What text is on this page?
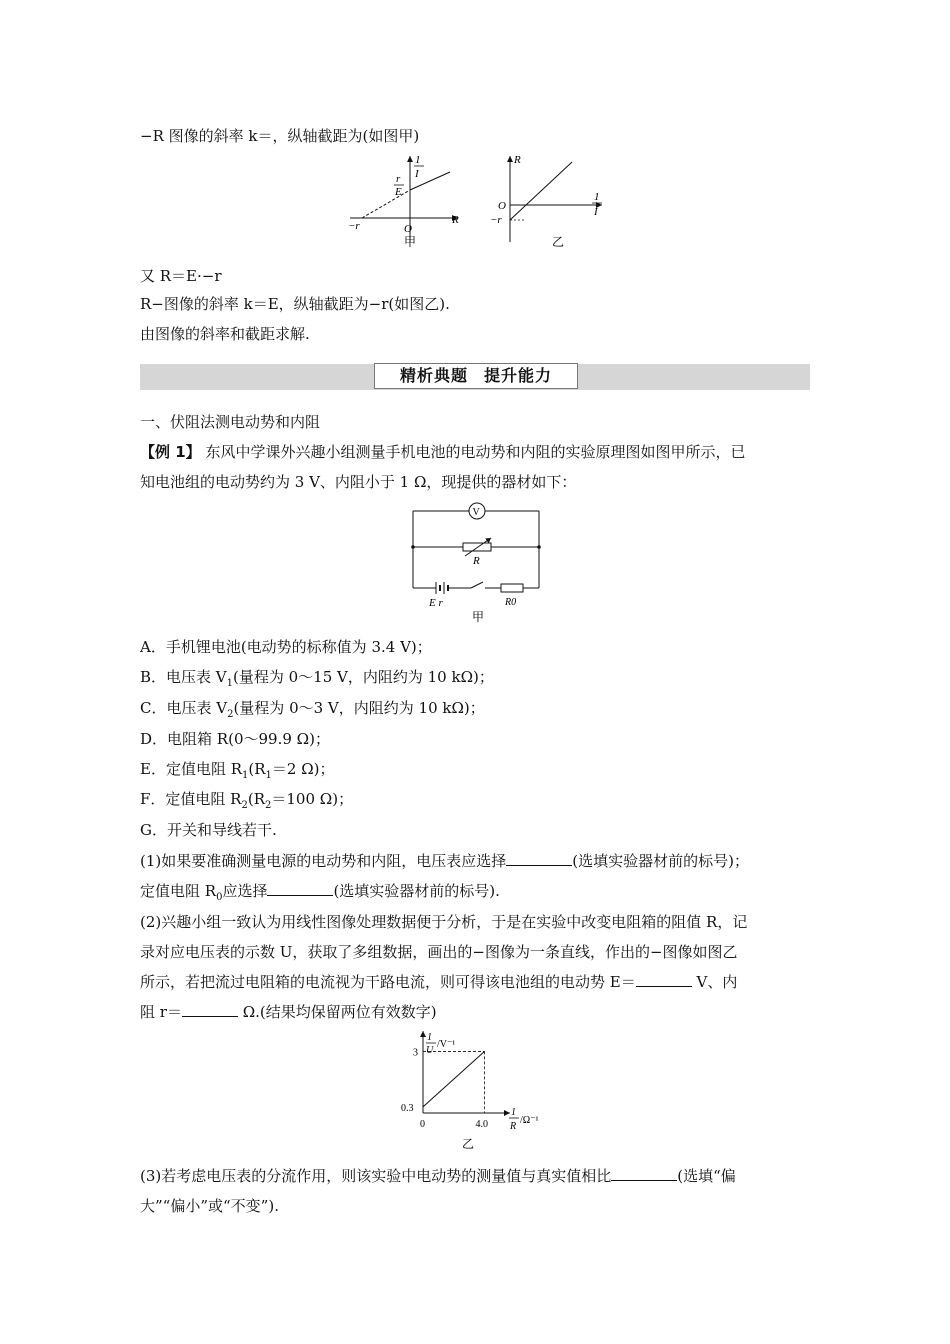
−R 图像的斜率 k＝，纵轴截距为(如图甲)
1
I
r
E
R
O
−r
甲
R
1
I
O
−r
乙
又 R＝E·−r
R−图像的斜率 k＝E，纵轴截距为−r(如图乙).
由图像的斜率和截距求解.
精析典题 提升能力
一、伏阻法测电动势和内阻
【例 1】 东风中学课外兴趣小组测量手机电池的电动势和内阻的实验原理图如图甲所示，已
知电池组的电动势约为 3 V、内阻小于 1 Ω，现提供的器材如下：
V
R
E r	R0
甲
A．手机锂电池(电动势的标称值为 3.4 V)；
B．电压表 $V_1$(量程为 0～15 V，内阻约为 10 kΩ)；
C．电压表 $V_2$(量程为 0～3 V，内阻约为 10 kΩ)；
D．电阻箱 R(0～99.9 Ω)；
E．定值电阻 $R_1(R_1=2$ Ω)；
F．定值电阻 $R_2(R_2=100$ Ω)；
G．开关和导线若干.
(1)如果要准确测量电源的电动势和内阻，电压表应选择	(选填实验器材前的标号)；
定值电阻 $R_0$应选择	(选填实验器材前的标号).
(2)兴趣小组一致认为用线性图像处理数据便于分析，于是在实验中改变电阻箱的阻值 R，记
录对应电压表的示数 U，获取了多组数据，画出的−图像为一条直线，作出的−图像如图乙
所示，若把流过电阻箱的电流视为干路电流，则可得该电池组的电动势 E＝	V、内
阻 r＝	Ω.(结果均保留两位有效数字)
1
U
/V⁻¹
1
R
/Ω⁻¹
0	4.0
0.3
3
乙
(3)若考虑电压表的分流作用，则该实验中电动势的测量值与真实值相比	(选填“偏
大”“偏小”或“不变”).
